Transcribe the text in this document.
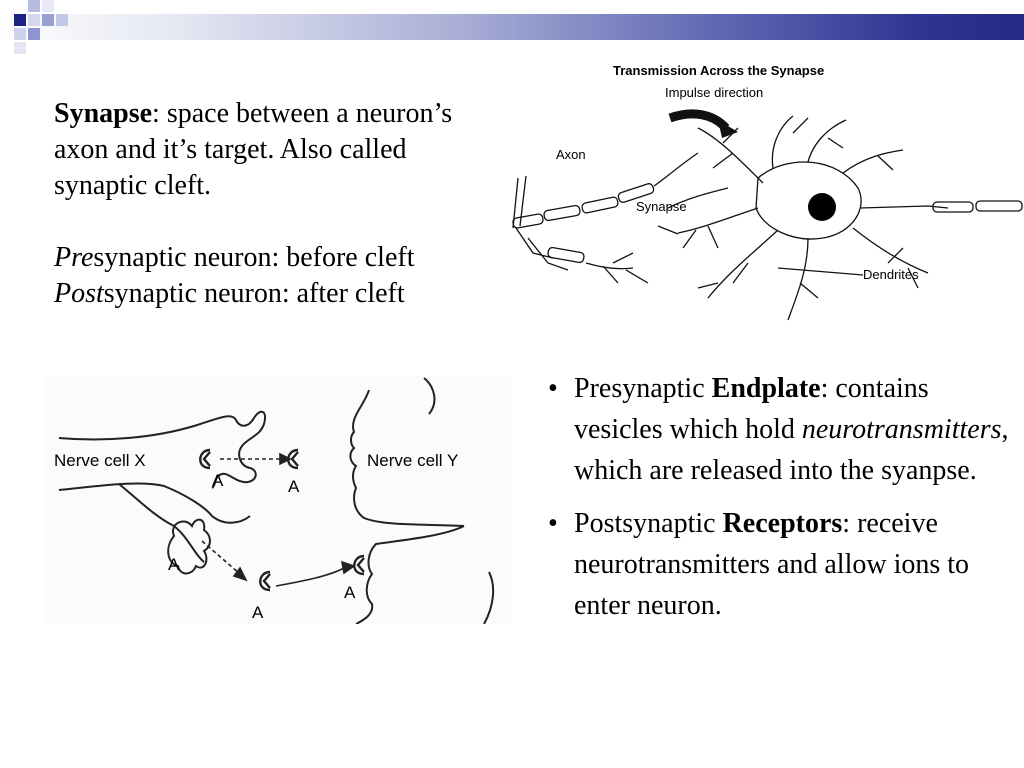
Synapse: space between a neuron’s axon and it’s target. Also called synaptic cleft.
Presynaptic neuron: before cleft
Postsynaptic neuron: after cleft
Transmission Across the Synapse
Impulse direction
Axon
Synapse
Dendrites
Nerve cell Y
Nerve cell X
A	A
A
A
A
• Presynaptic Endplate: contains vesicles which hold neurotransmitters, which are released into the syanpse.
• Postsynaptic Receptors: receive neurotransmitters and allow ions to enter neuron.
